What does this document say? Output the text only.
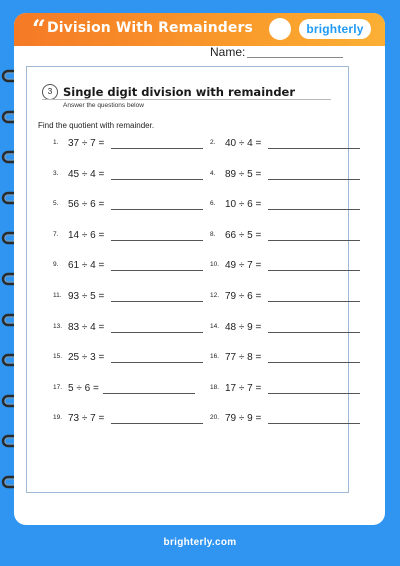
“ Division With Remainders	brighterly
Name:
3 Single digit division with remainder
Answer the questions below
Find the quotient with remainder.
1. 37 ÷ 7 =	2. 40 ÷ 4 =
3. 45 ÷ 4 =	4. 89 ÷ 5 =
5. 56 ÷ 6 =	6. 10 ÷ 6 =
7. 14 ÷ 6 =	8. 66 ÷ 5 =
9. 61 ÷ 4 =	10. 49 ÷ 7 =
11. 93 ÷ 5 =	12. 79 ÷ 6 =
13. 83 ÷ 4 =	14. 48 ÷ 9 =
15. 25 ÷ 3 =	16. 77 ÷ 8 =
17. 5 ÷ 6 =	18. 17 ÷ 7 =
19. 73 ÷ 7 =	20. 79 ÷ 9 =
brighterly.com
